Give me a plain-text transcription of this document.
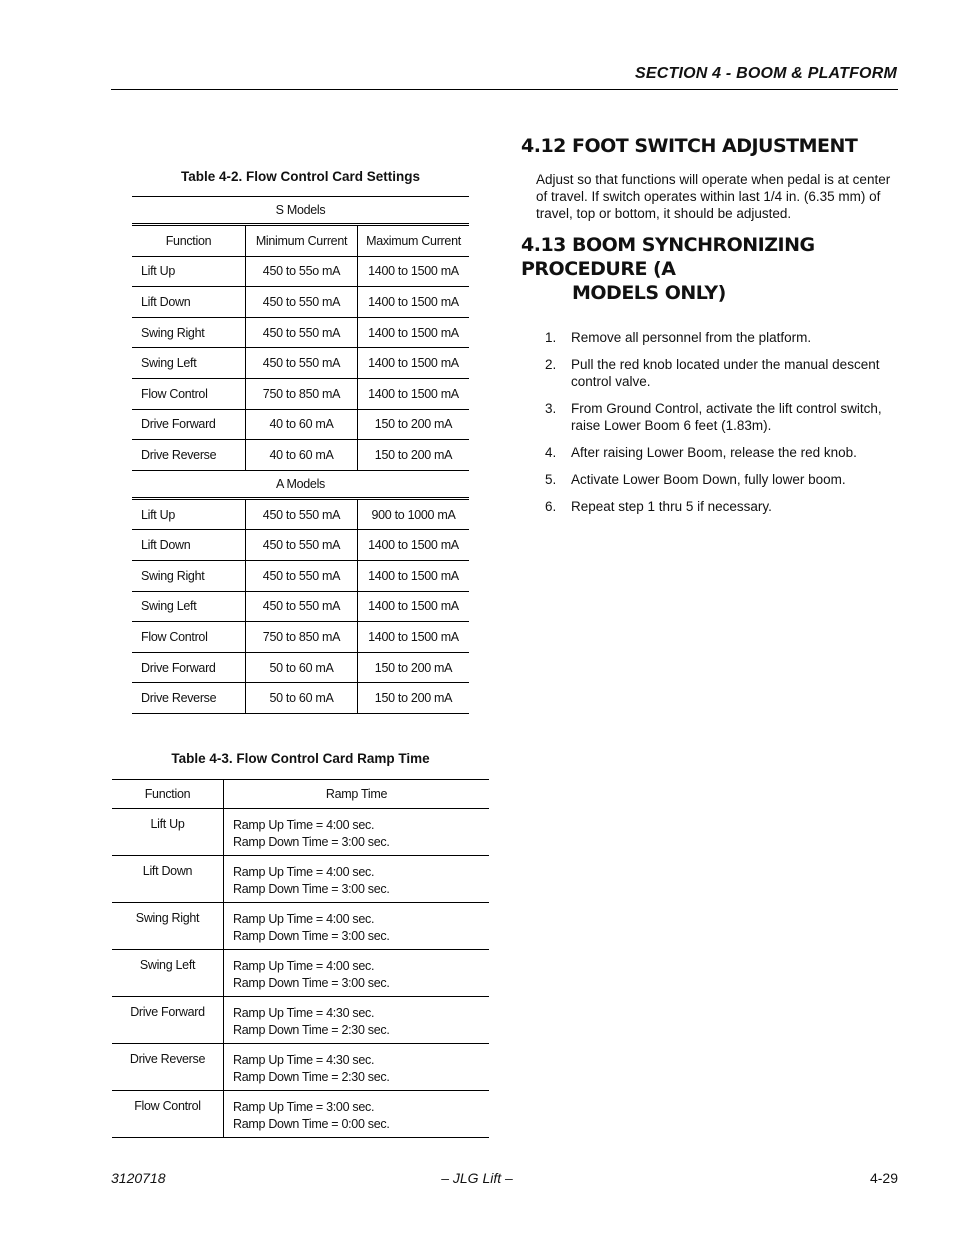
SECTION 4 - BOOM & PLATFORM
Table 4-2. Flow Control Card Settings
S Models		
Function	Minimum Current	Maximum Current
Lift Up	450 to 55o mA	1400 to 1500 mA
Lift Down	450 to 550 mA	1400 to 1500 mA
Swing Right	450 to 550 mA	1400 to 1500 mA
Swing Left	450 to 550 mA	1400 to 1500 mA
Flow Control	750 to 850 mA	1400 to 1500 mA
Drive Forward	40 to 60 mA	150 to 200 mA
Drive Reverse	40 to 60 mA	150 to 200 mA
A Models		
Lift Up	450 to 550 mA	900 to 1000 mA
Lift Down	450 to 550 mA	1400 to 1500 mA
Swing Right	450 to 550 mA	1400 to 1500 mA
Swing Left	450 to 550 mA	1400 to 1500 mA
Flow Control	750 to 850 mA	1400 to 1500 mA
Drive Forward	50 to 60 mA	150 to 200 mA
Drive Reverse	50 to 60 mA	150 to 200 mA
Table 4-3. Flow Control Card Ramp Time
Function	Ramp Time
Lift Up	Ramp Up Time = 4:00 sec.
Ramp Down Time = 3:00 sec.

Lift Down	Ramp Up Time = 4:00 sec.
Ramp Down Time = 3:00 sec.

Swing Right	Ramp Up Time = 4:00 sec.
Ramp Down Time = 3:00 sec.

Swing Left	Ramp Up Time = 4:00 sec.
Ramp Down Time = 3:00 sec.

Drive Forward	Ramp Up Time = 4:30 sec.
Ramp Down Time = 2:30 sec.

Drive Reverse	Ramp Up Time = 4:30 sec.
Ramp Down Time = 2:30 sec.

Flow Control	Ramp Up Time = 3:00 sec.
Ramp Down Time = 0:00 sec.
4.12 FOOT SWITCH ADJUSTMENT
Adjust so that functions will operate when pedal is at center of travel. If switch operates within last 1/4 in. (6.35 mm) of travel, top or bottom, it should be adjusted.
4.13 BOOM SYNCHRONIZING PROCEDURE (A
MODELS ONLY)
1. Remove all personnel from the platform.
2. Pull the red knob located under the manual descent control valve.
3. From Ground Control, activate the lift control switch, raise Lower Boom 6 feet (1.83m).
4. After raising Lower Boom, release the red knob.
5. Activate Lower Boom Down, fully lower boom.
6. Repeat step 1 thru 5 if necessary.
3120718	– JLG Lift –	4-29
